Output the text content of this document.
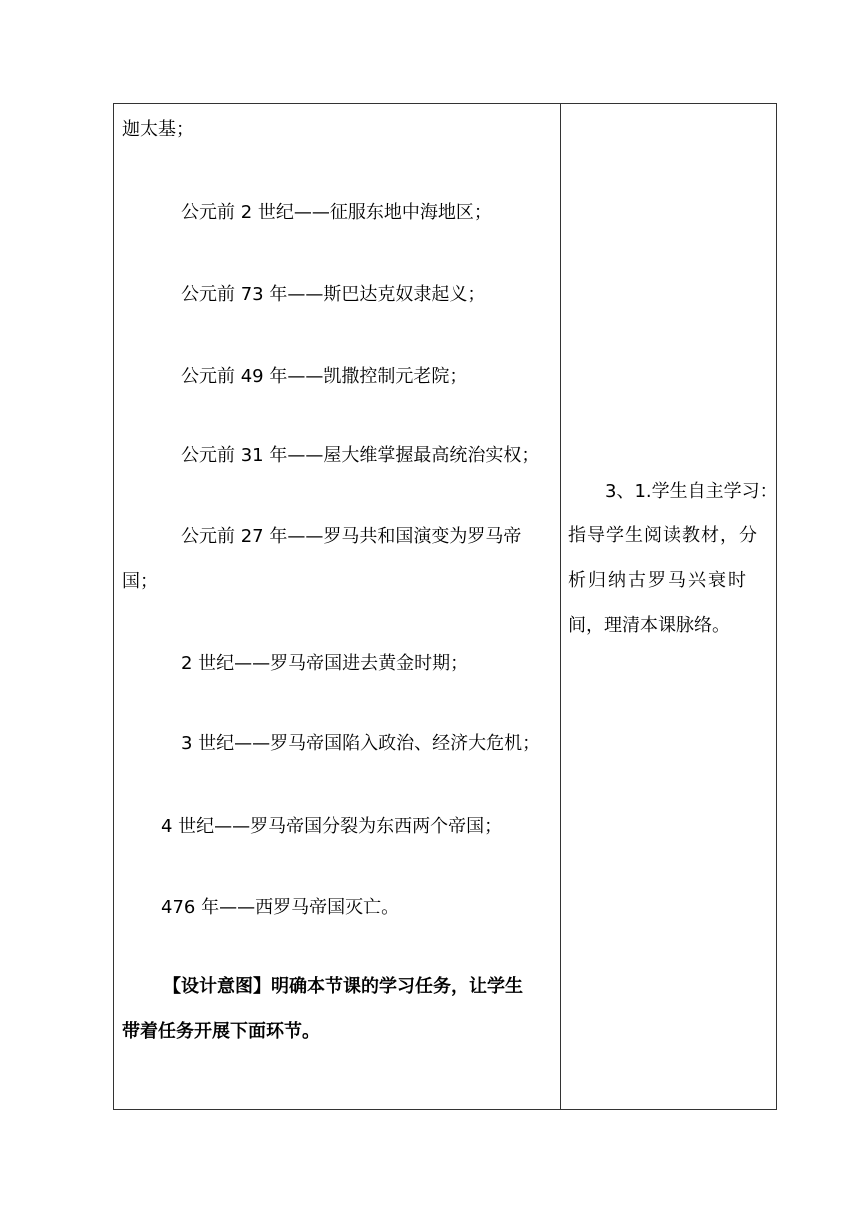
迦太基；
公元前 2 世纪——征服东地中海地区；
公元前 73 年——斯巴达克奴隶起义；
公元前 49 年——凯撒控制元老院；
公元前 31 年——屋大维掌握最高统治实权；
公元前 27 年——罗马共和国演变为罗马帝
国；
2 世纪——罗马帝国进去黄金时期；
3 世纪——罗马帝国陷入政治、经济大危机；
4 世纪——罗马帝国分裂为东西两个帝国；
476 年——西罗马帝国灭亡。
【设计意图】明确本节课的学习任务，让学生
带着任务开展下面环节。
3、1.学生自主学习：
指导学生阅读教材，分
析归纳古罗马兴衰时
间，理清本课脉络。
